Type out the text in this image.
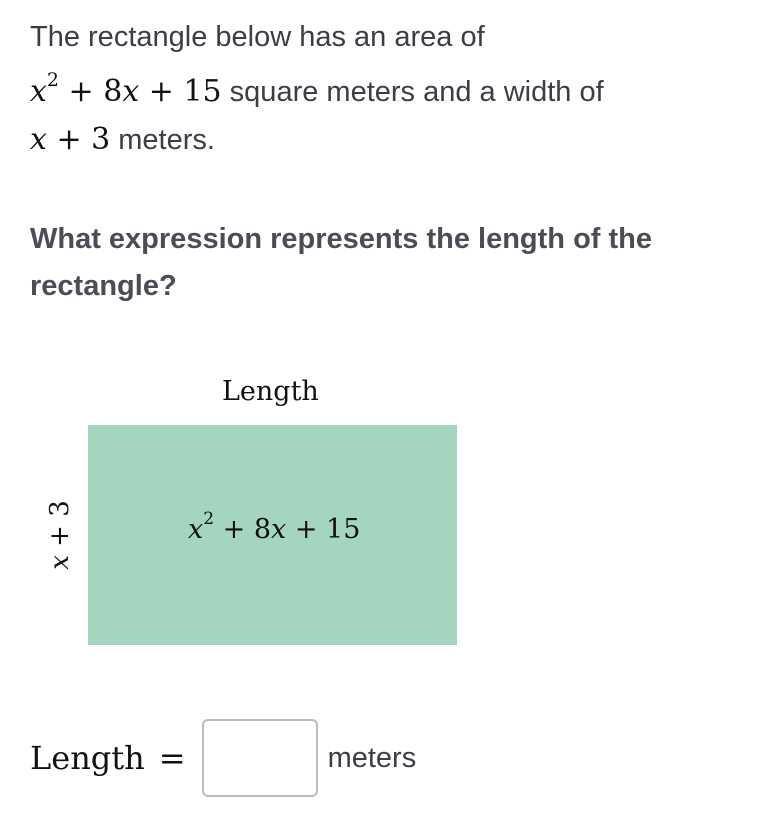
The rectangle below has an area of
$x^2 + 8x + 15$ square meters and a width of
x + 3 meters.
What expression represents the length of the rectangle?
Length
$x^2 + 8x + 15$
x + 3
Length =	meters
